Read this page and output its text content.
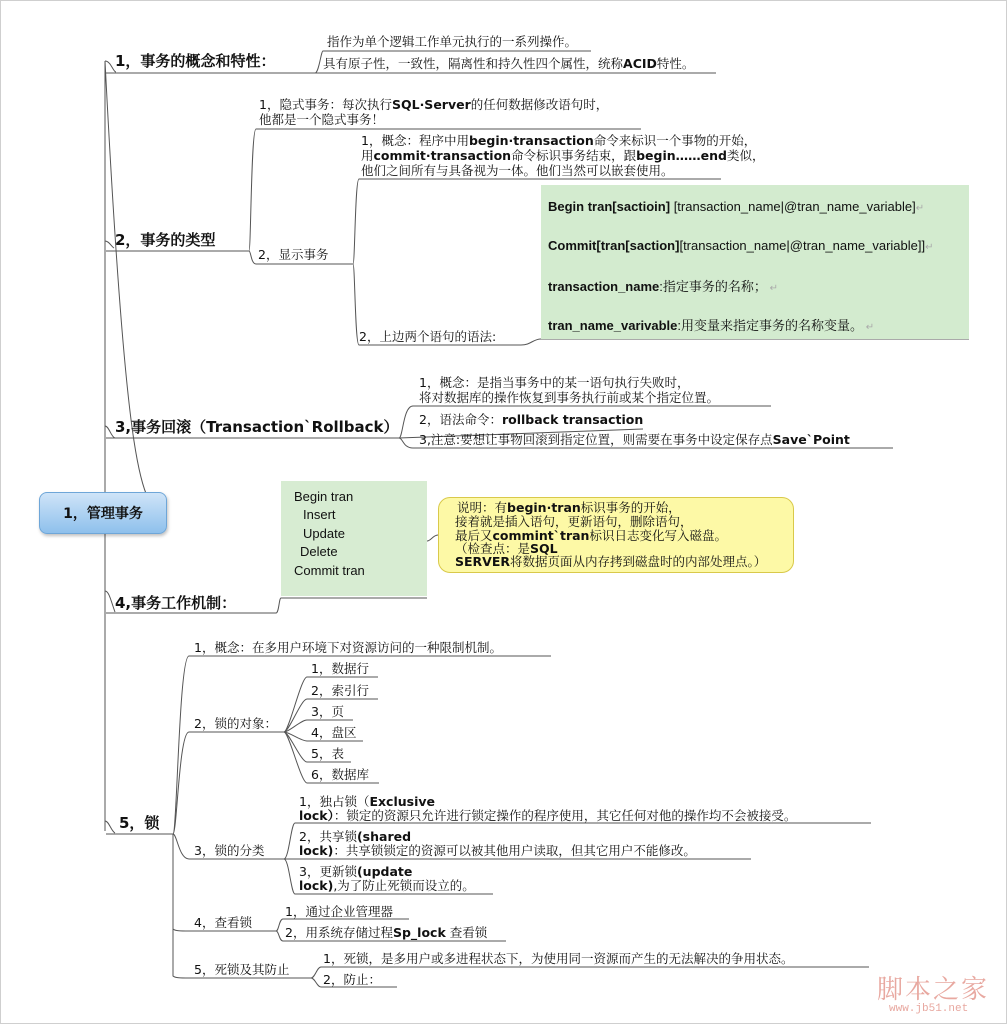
1，管理事务
1，事务的概念和特性：
指作为单个逻辑工作单元执行的一系列操作。
具有原子性，一致性，隔离性和持久性四个属性，统称ACID特性。
2，事务的类型
1，隐式事务：每次执行SQL·Server的任何数据修改语句时，
他都是一个隐式事务！
2，显示事务
1，概念：程序中用begin·transaction命令来标识一个事物的开始，
用commit·transaction命令标识事务结束，跟begin……end类似，
他们之间所有与具备视为一体。他们当然可以嵌套使用。
2，上边两个语句的语法:
Begin tran[sactioin] [transaction_name|@tran_name_variable]↵
Commit[tran[saction][transaction_name|@tran_name_variable]]↵
transaction_name:指定事务的名称； ↵
tran_name_varivable:用变量来指定事务的名称变量。 ↵
3,事务回滚（Transaction`Rollback）
1，概念：是指当事务中的某一语句执行失败时，
将对数据库的操作恢复到事务执行前或某个指定位置。
2，语法命令：rollback transaction
3,注意:要想让事物回滚到指定位置，则需要在事务中设定保存点Save`Point
4,事务工作机制：
Begin tran
Insert
Update
Delete
Commit tran
说明：有begin·tran标识事务的开始，
接着就是插入语句，更新语句，删除语句，
最后又commint`tran标识日志变化写入磁盘。
（检查点：是SQL
SERVER将数据页面从内存拷到磁盘时的内部处理点。）
5，锁
1，概念：在多用户环境下对资源访问的一种限制机制。
2，锁的对象：
1，数据行
2，索引行
3，页
4，盘区
5，表
6，数据库
3，锁的分类
1，独占锁（Exclusive
lock）：锁定的资源只允许进行锁定操作的程序使用，其它任何对他的操作均不会被接受。
2，共享锁(shared
lock)：共享锁锁定的资源可以被其他用户读取，但其它用户不能修改。
3，更新锁(update
lock),为了防止死锁而设立的。
4，查看锁
1，通过企业管理器
2，用系统存储过程Sp_lock 查看锁
5，死锁及其防止
1，死锁，是多用户或多进程状态下，为使用同一资源而产生的无法解决的争用状态。
2，防止：	脚本之家
www.jb51.net
